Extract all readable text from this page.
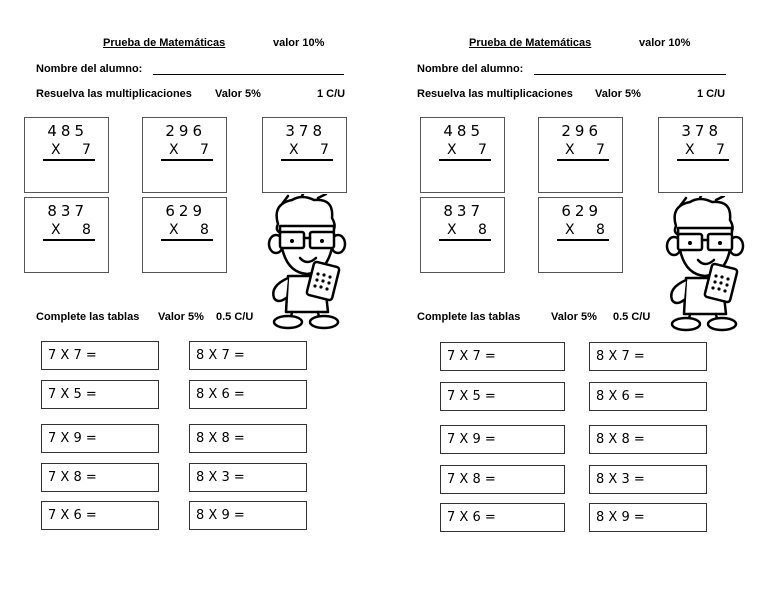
Prueba de Matemáticas	valor 10%
Nombre del alumno:
Resuelva las multiplicaciones Valor 5%	1 C/U
485
X 7
296
X 7
378
X 7
837
X 8
629
X 8
Complete las tablas Valor 5% 0.5 C/U
7 X 7 =
7 X 5 =
7 X 9 =
7 X 8 =
7 X 6 =
8 X 7 =
8 X 6 =
8 X 8 =
8 X 3 =
8 X 9 =
Prueba de Matemáticas	valor 10%
Nombre del alumno:
Resuelva las multiplicaciones Valor 5%	1 C/U
485
X 7
296
X 7
378
X 7
837
X 8
629
X 8
Complete las tablas	Valor 5% 0.5 C/U
7 X 7 =
7 X 5 =
7 X 9 =
7 X 8 =
7 X 6 =
8 X 7 =
8 X 6 =
8 X 8 =
8 X 3 =
8 X 9 =
